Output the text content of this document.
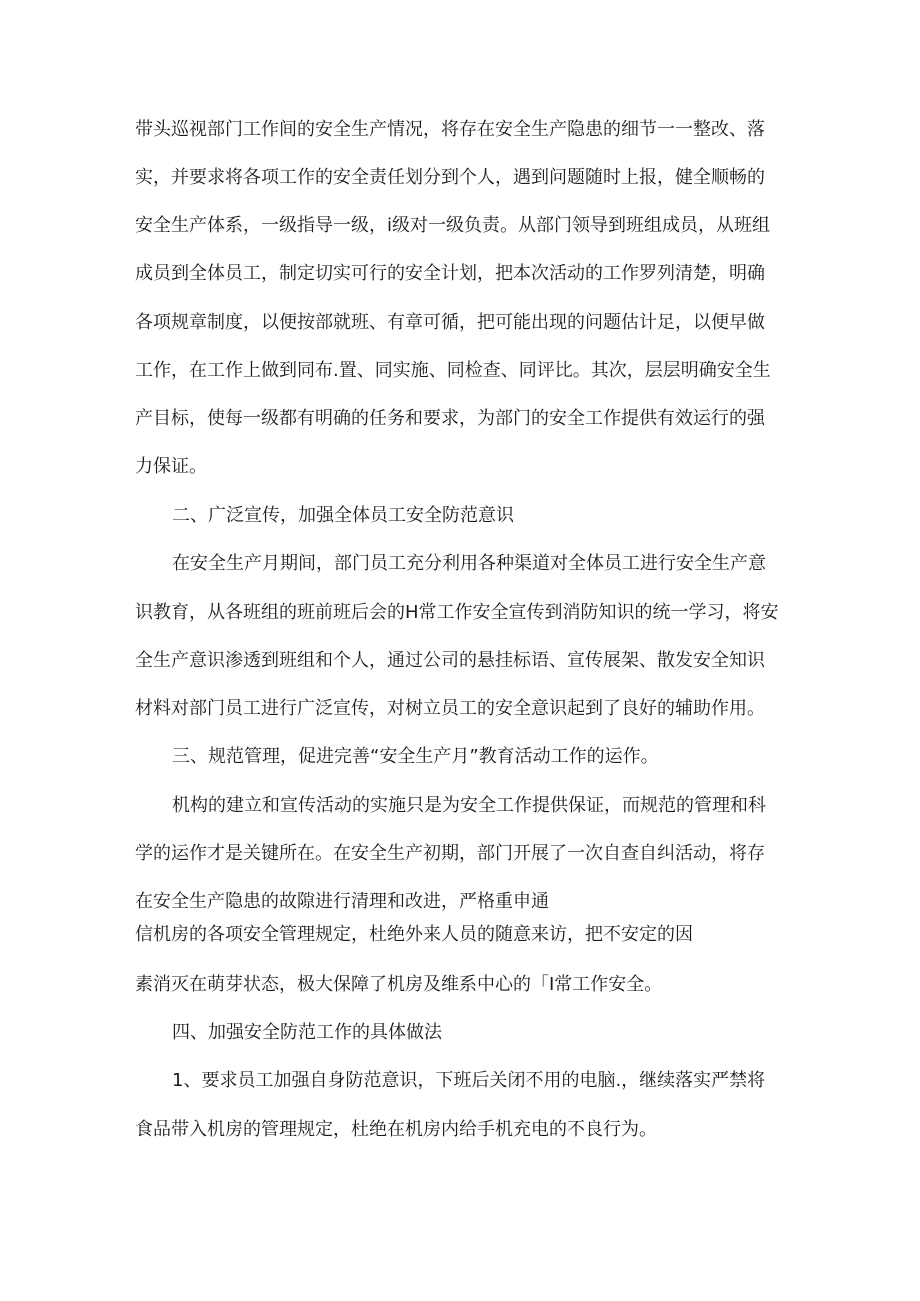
带头巡视部门工作间的安全生产情况，将存在安全生产隐患的细节一一整改、落
实，并要求将各项工作的安全责任划分到个人，遇到问题随时上报，健全顺畅的
安全生产体系，一级指导一级，i级对一级负责。从部门领导到班组成员，从班组
成员到全体员工，制定切实可行的安全计划，把本次活动的工作罗列清楚，明确
各项规章制度，以便按部就班、有章可循，把可能出现的问题估计足，以便早做
工作，在工作上做到同布.置、同实施、同检查、同评比。其次，层层明确安全生
产目标，使每一级都有明确的任务和要求，为部门的安全工作提供有效运行的强
力保证。
二、广泛宣传，加强全体员工安全防范意识
在安全生产月期间，部门员工充分利用各种渠道对全体员工进行安全生产意
识教育，从各班组的班前班后会的H常工作安全宣传到消防知识的统一学习，将安
全生产意识渗透到班组和个人，通过公司的悬挂标语、宣传展架、散发安全知识
材料对部门员工进行广泛宣传，对树立员工的安全意识起到了良好的辅助作用。
三、规范管理，促进完善“安全生产月”教育活动工作的运作。
机构的建立和宣传活动的实施只是为安全工作提供保证，而规范的管理和科
学的运作才是关键所在。在安全生产初期，部门开展了一次自查自纠活动，将存
在安全生产隐患的故隙进行清理和改进，严格重申通
信机房的各项安全管理规定，杜绝外来人员的随意来访，把不安定的因
素消灭在萌芽状态，极大保障了机房及维系中心的「I常工作安全。
四、加强安全防范工作的具体做法
1、要求员工加强自身防范意识，下班后关闭不用的电脑.，继续落实严禁将
食品带入机房的管理规定，杜绝在机房内给手机充电的不良行为。
